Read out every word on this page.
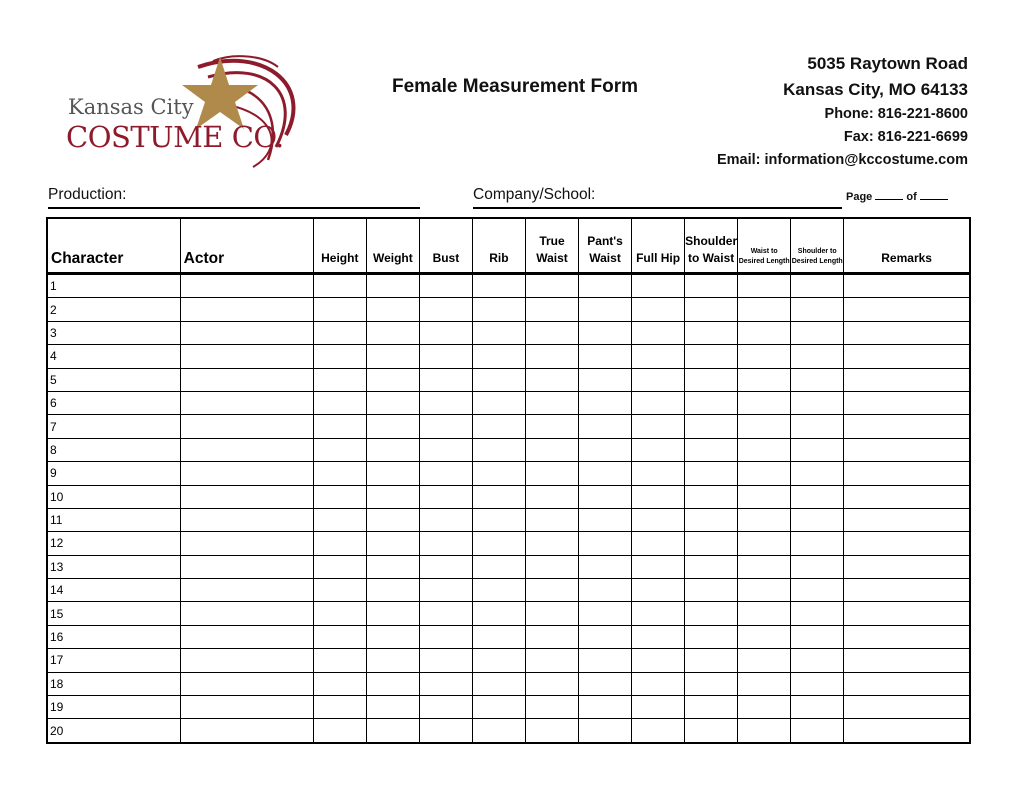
Kansas City
COSTUME CO.
Female Measurement Form
5035 Raytown Road
Kansas City, MO 64133
Phone: 816-221-8600
Fax: 816-221-6699
Email: information@kccostume.com
Production:	Company/School:	Page	of
Character	Actor	Height	Weight	Bust	Rib	True Waist	Pant's Waist	Full Hip	Shoulder to Waist	Waist to Desired Length	Shoulder to Desired Length	Remarks
1												
2												
3												
4												
5												
6												
7												
8												
9												
10												
11												
12												
13												
14												
15												
16												
17												
18												
19												
20												
